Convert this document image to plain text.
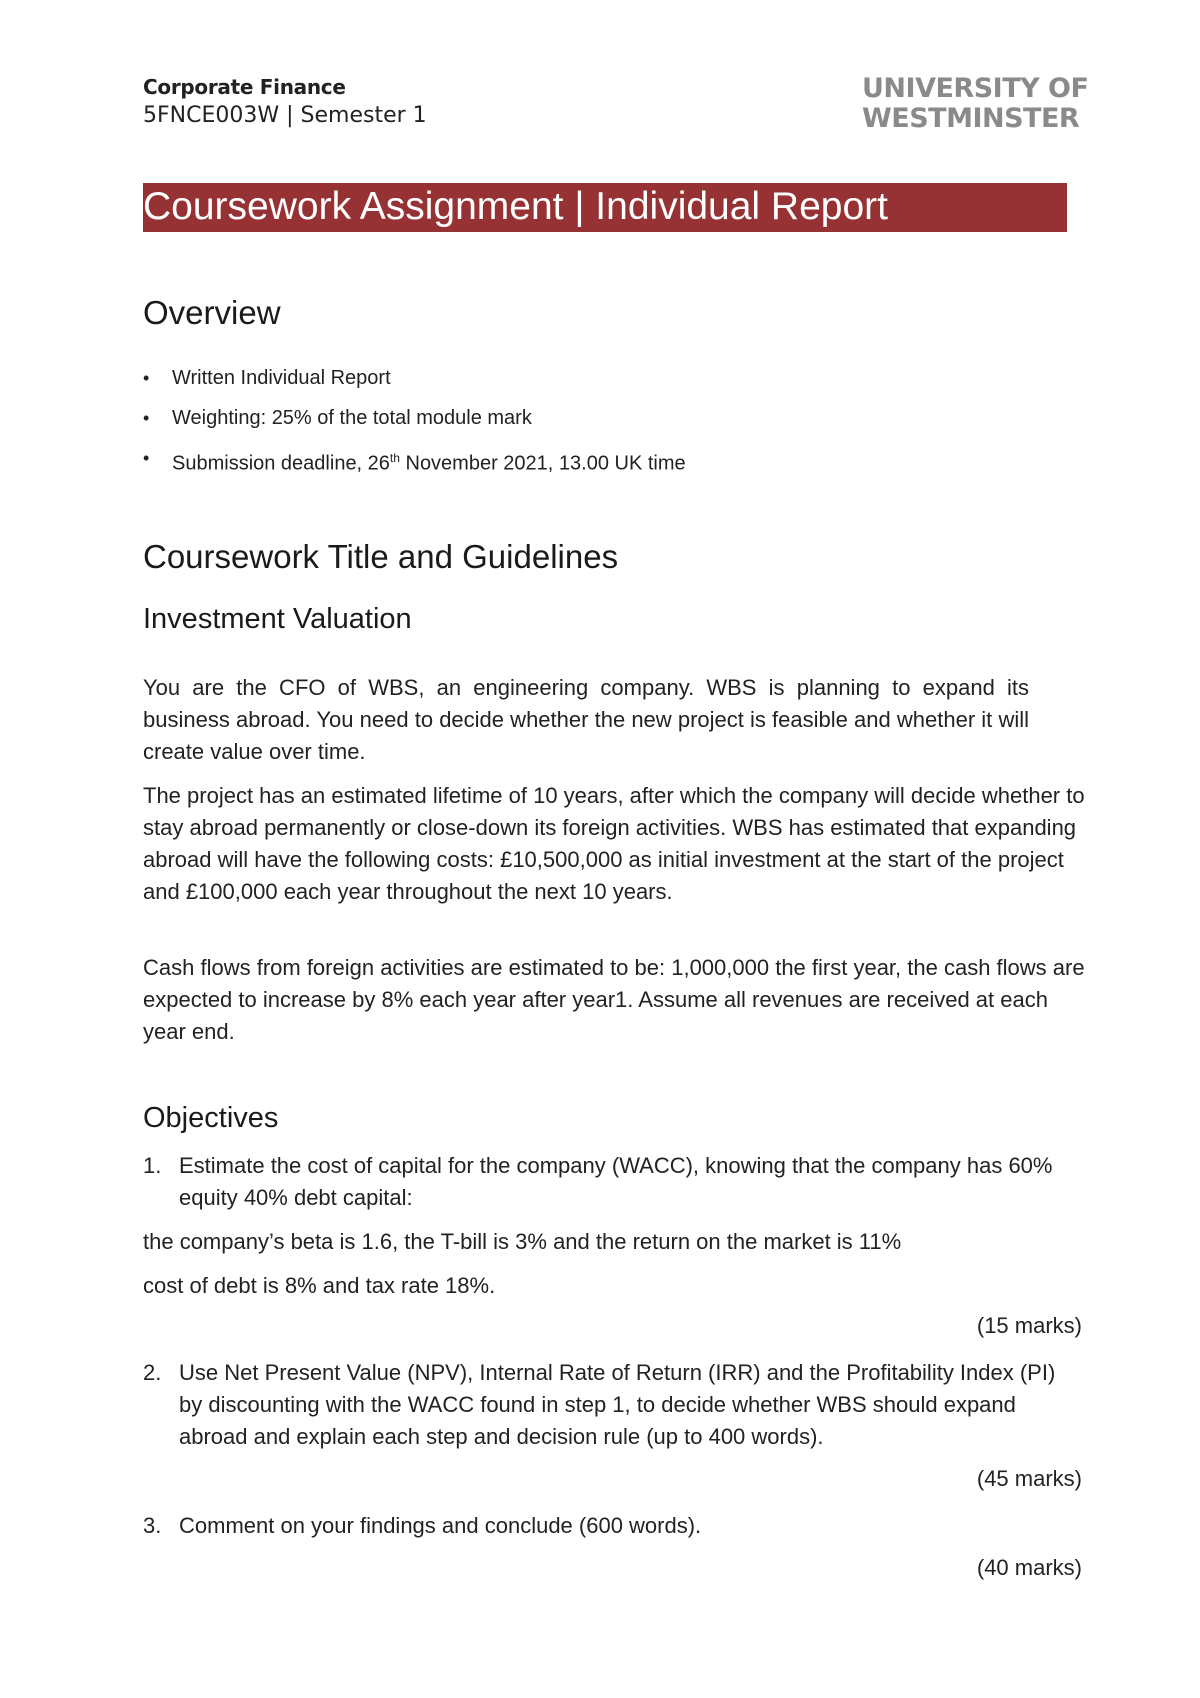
Corporate Finance
5FNCE003W | Semester 1
UNIVERSITY OF
WESTMINSTER
Coursework Assignment | Individual Report
Overview
• Written Individual Report
• Weighting: 25% of the total module mark
• Submission deadline, 26th November 2021, 13.00 UK time
Coursework Title and Guidelines
Investment Valuation

You are the CFO of WBS, an engineering company. WBS is planning to expand its business abroad. You need to decide whether the new project is feasible and whether it will create value over time.

The project has an estimated lifetime of 10 years, after which the company will decide whether to stay abroad permanently or close-down its foreign activities. WBS has estimated that expanding abroad will have the following costs: £10,500,000 as initial investment at the start of the project and £100,000 each year throughout the next 10 years.

Cash flows from foreign activities are estimated to be: 1,000,000 the first year, the cash flows are expected to increase by 8% each year after year1. Assume all revenues are received at each year end.

Objectives
1. Estimate the cost of capital for the company (WACC), knowing that the company has 60% equity 40% debt capital:

the company’s beta is 1.6, the T-bill is 3% and the return on the market is 11%

cost of debt is 8% and tax rate 18%.

(15 marks)
2. Use Net Present Value (NPV), Internal Rate of Return (IRR) and the Profitability Index (PI) by discounting with the WACC found in step 1, to decide whether WBS should expand abroad and explain each step and decision rule (up to 400 words).
(45 marks)
3. Comment on your findings and conclude (600 words).
(40 marks)
